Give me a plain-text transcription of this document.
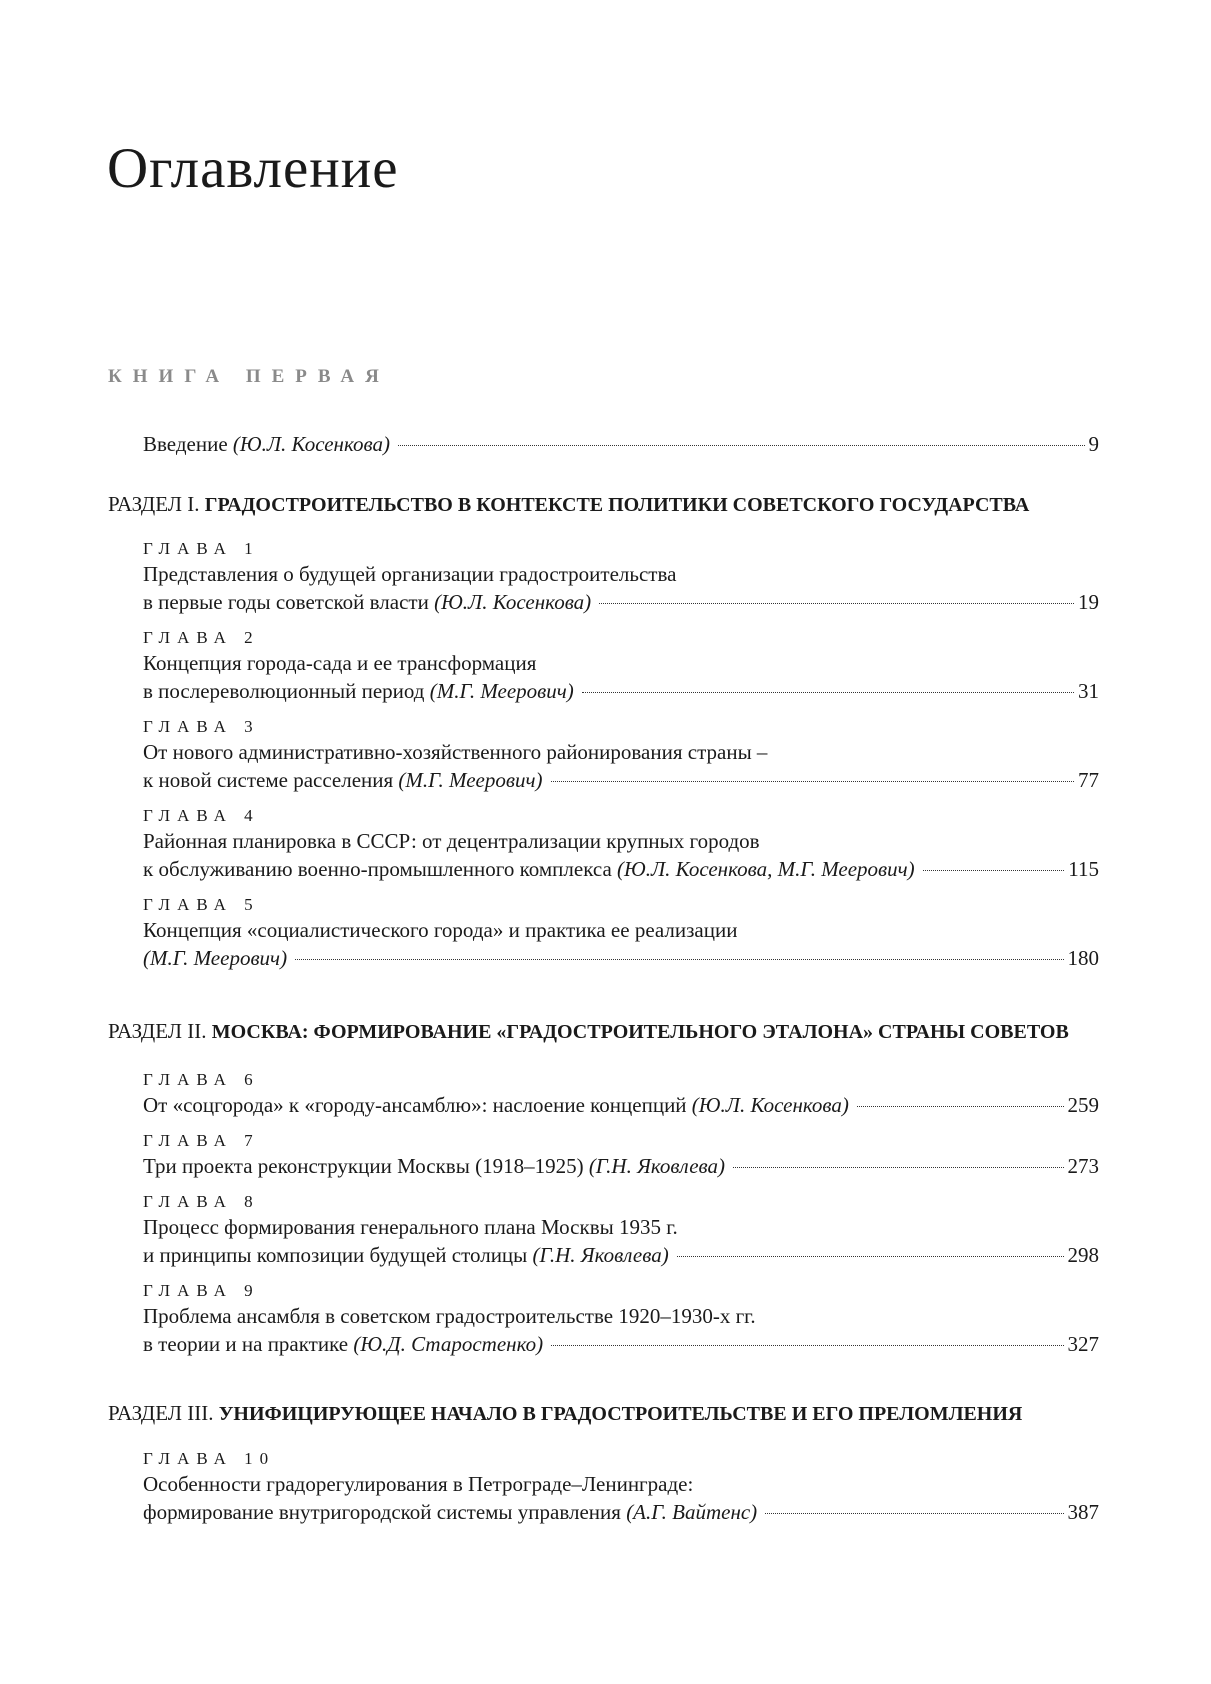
Оглавление
КНИГА ПЕРВАЯ
Введение (Ю.Л. Косенкова)	9
РАЗДЕЛ I. ГРАДОСТРОИТЕЛЬСТВО В КОНТЕКСТЕ ПОЛИТИКИ СОВЕТСКОГО ГОСУДАРСТВА
ГЛАВА 1
Представления о будущей организации градостроительства
в первые годы советской власти (Ю.Л. Косенкова)	19
ГЛАВА 2
Концепция города-сада и ее трансформация
в послереволюционный период (М.Г. Меерович)	31
ГЛАВА 3
От нового административно-хозяйственного районирования страны –
к новой системе расселения (М.Г. Меерович)	77
ГЛАВА 4
Районная планировка в СССР: от децентрализации крупных городов
к обслуживанию военно-промышленного комплекса (Ю.Л. Косенкова, М.Г. Меерович)	115
ГЛАВА 5
Концепция «социалистического города» и практика ее реализации
(М.Г. Меерович)	180
РАЗДЕЛ II. МОСКВА: ФОРМИРОВАНИЕ «ГРАДОСТРОИТЕЛЬНОГО ЭТАЛОНА» СТРАНЫ СОВЕТОВ
ГЛАВА 6
От «соцгорода» к «городу-ансамблю»: наслоение концепций (Ю.Л. Косенкова)	259
ГЛАВА 7
Три проекта реконструкции Москвы (1918–1925) (Г.Н. Яковлева)	273
ГЛАВА 8
Процесс формирования генерального плана Москвы 1935 г.
и принципы композиции будущей столицы (Г.Н. Яковлева)	298
ГЛАВА 9
Проблема ансамбля в советском градостроительстве 1920–1930-х гг.
в теории и на практике (Ю.Д. Старостенко)	327
РАЗДЕЛ III. УНИФИЦИРУЮЩЕЕ НАЧАЛО В ГРАДОСТРОИТЕЛЬСТВЕ И ЕГО ПРЕЛОМЛЕНИЯ
ГЛАВА 10
Особенности градорегулирования в Петрограде–Ленинграде:
формирование внутригородской системы управления (А.Г. Вайтенс)	387
